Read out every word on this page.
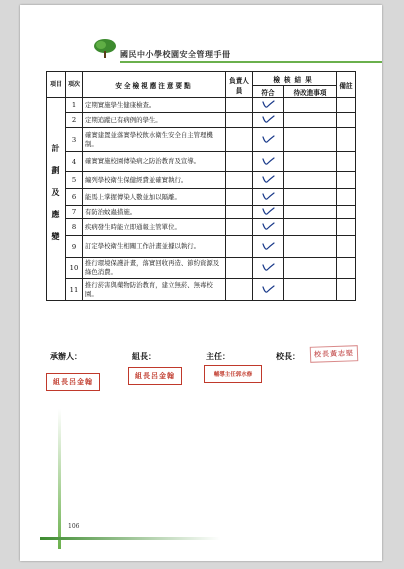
國民中小學校園安全管理手冊
項目	項次	安全檢視應注意要點	負責人員	檢核結果		備註
				符合	待改進事項	

計劃及應變	1	定期實施學生健康檢查。				
	2	定期追蹤已有病例的學生。				
	3	確實建置並落實學校飲水衛生安全自主管理機制。				
	4	確實實施校園傳染病之防治教育及宣導。				
	5	編列學校衛生保健經費並確實執行。				
	6	能馬上掌握傳染人數並加以隔離。				
	7	有防治蚊蟲措施。				
	8	疾病發生時能立即通報主管單位。				
	9	訂定學校衛生相關工作計畫並據以執行。				
	10	推行環境保護計畫，落實回收再造、節約資源及綠色消費。				
	11	推行菸害與藥物防治教育，建立無菸、無毒校園。				
承辦人：	組長：	主任：	校長：	校長黃志堅
組長呂金翰
組長呂金翰	輔導主任郭水修
106
